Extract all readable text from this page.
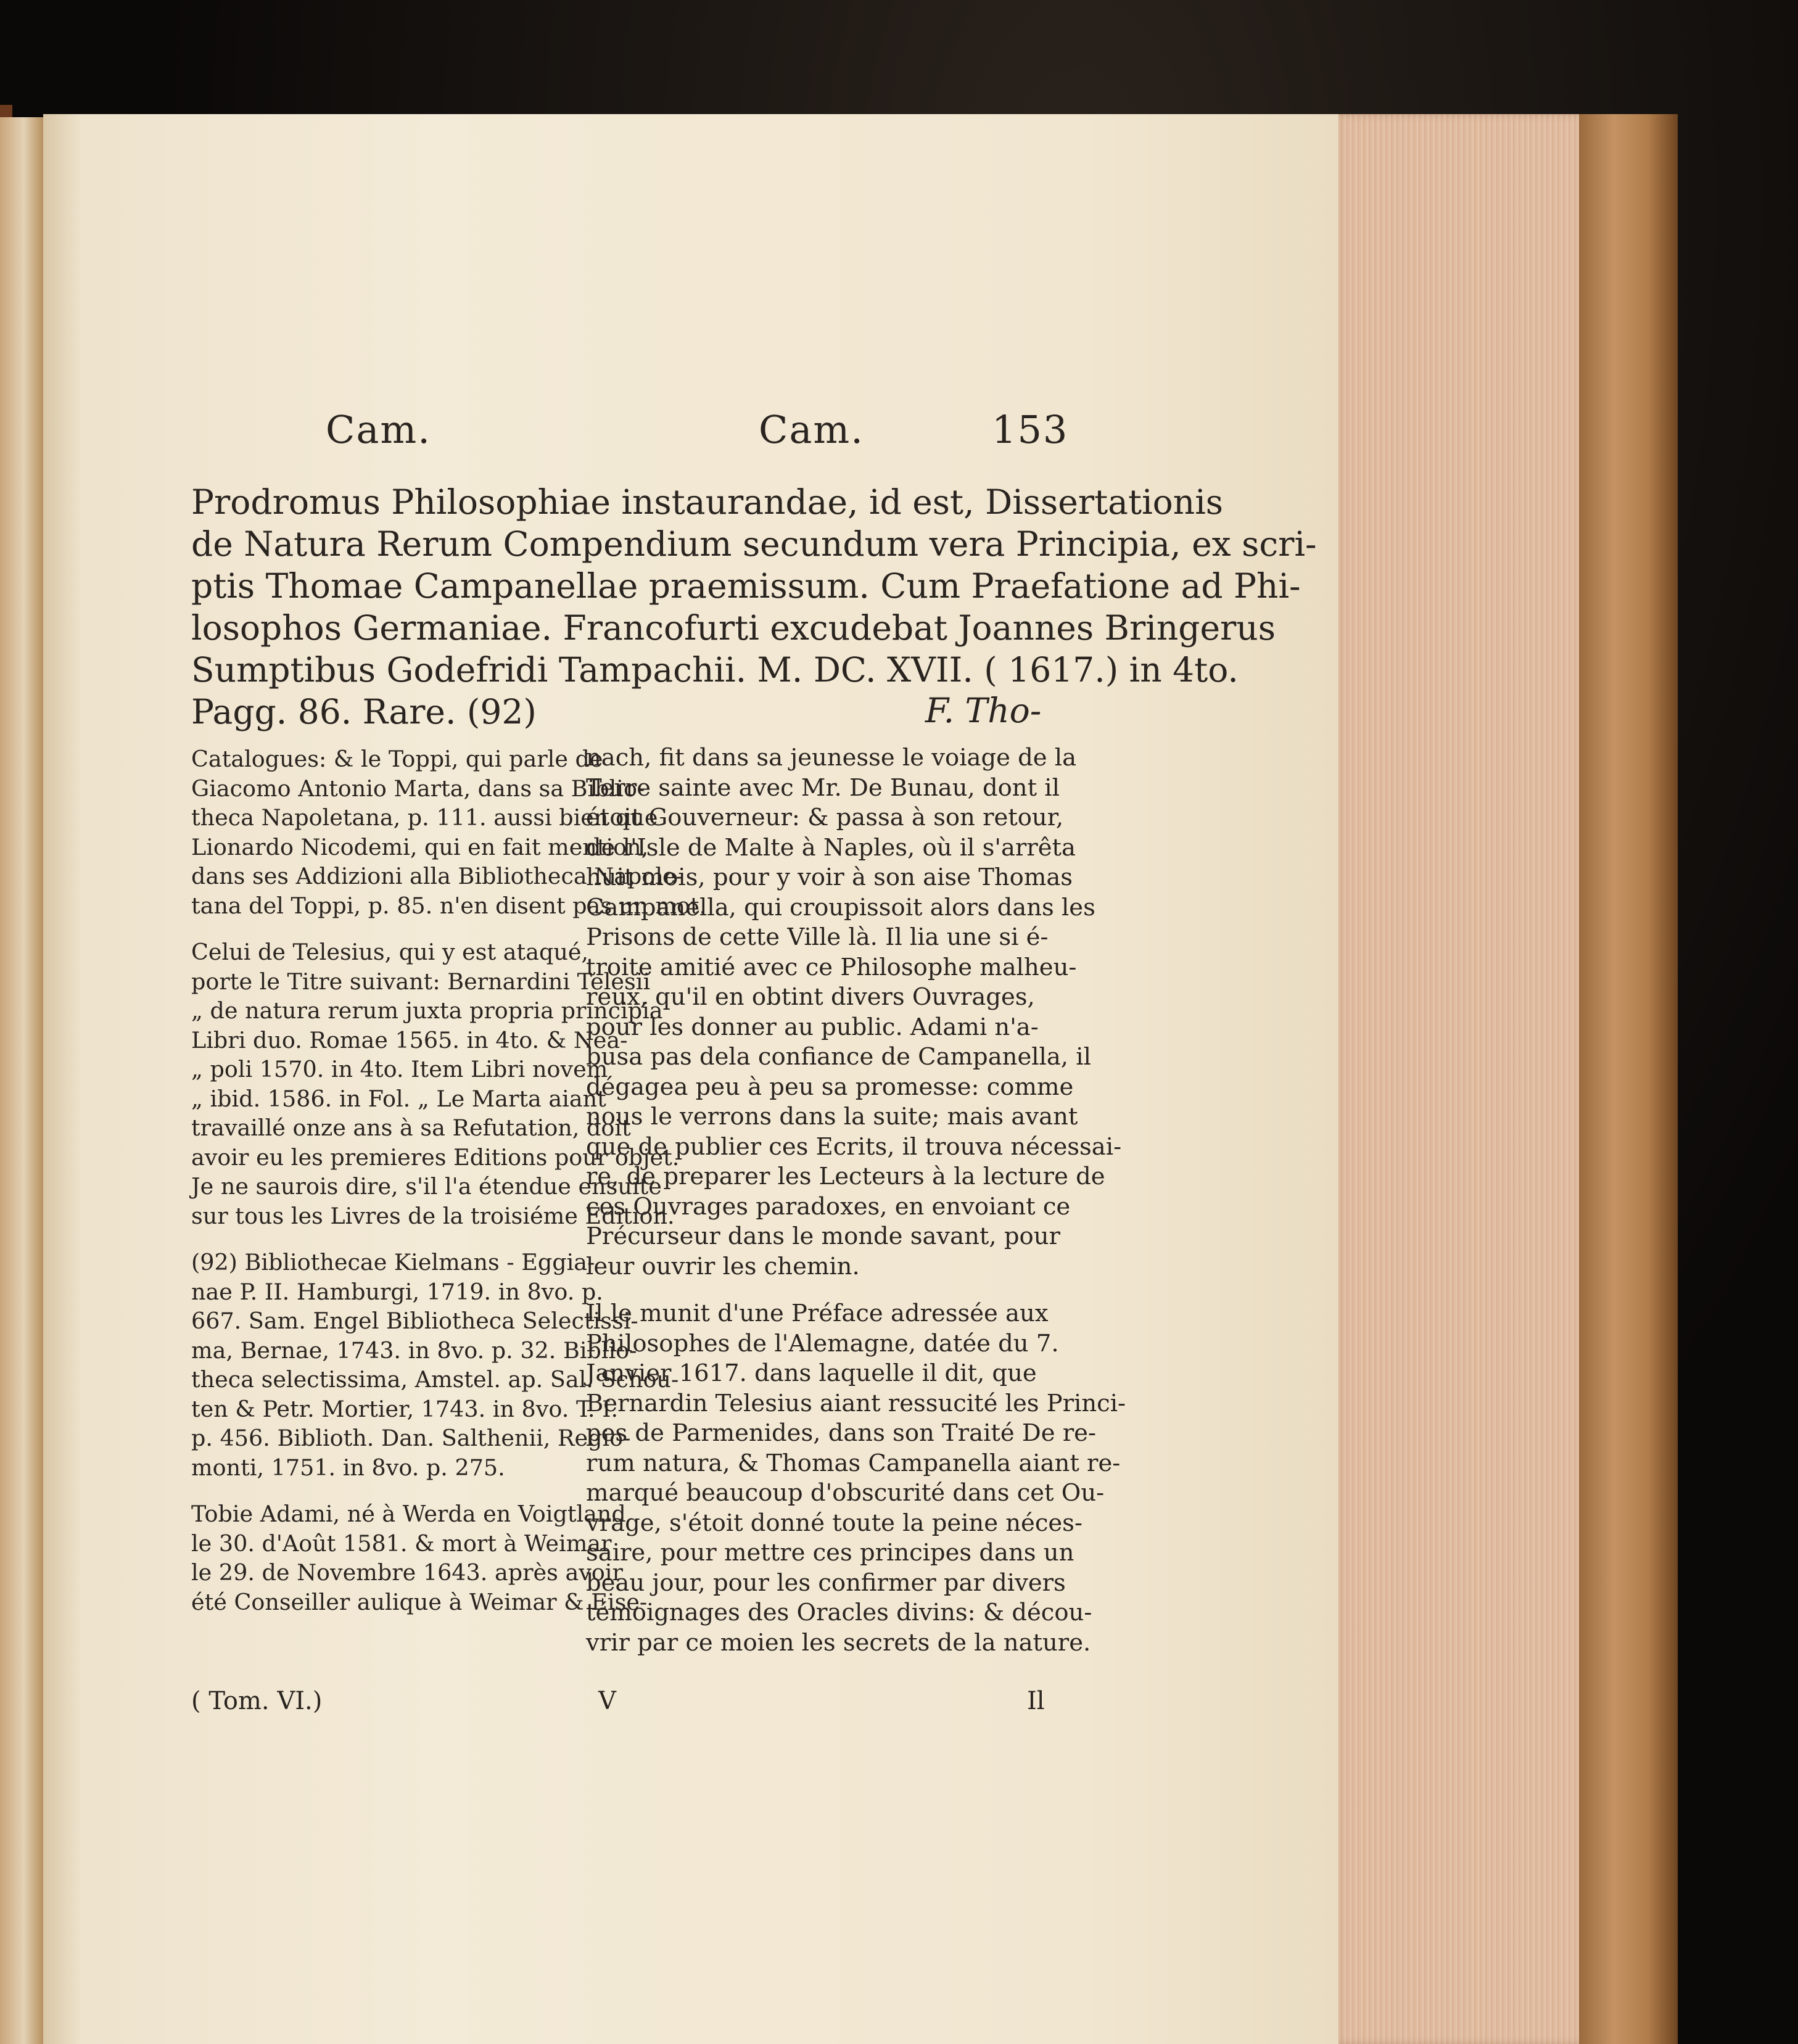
Cam.	Cam.	153
Prodromus Philosophiae instaurandae, id est, Dissertationis
de Natura Rerum Compendium secundum vera Principia, ex scri-
ptis Thomae Campanellae praemissum. Cum Praefatione ad Phi-
losophos Germaniae. Francofurti excudebat Joannes Bringerus
Sumptibus Godefridi Tampachii. M. DC. XVII. ( 1617.) in 4to.
Pagg. 86. Rare. (92)	F. Tho-
Catalogues: & le Toppi, qui parle de
Giacomo Antonio Marta, dans sa Biblio-
theca Napoletana, p. 111. aussi bien que
Lionardo Nicodemi, qui en fait mention,
dans ses Addizioni alla Bibliotheca Napole-
tana del Toppi, p. 85. n'en disent pas un mot.
Celui de Telesius, qui y est ataqué,
porte le Titre suivant: Bernardini Telesii
„ de natura rerum juxta propria principia
Libri duo. Romae 1565. in 4to. & Nea-
„ poli 1570. in 4to. Item Libri novem
„ ibid. 1586. in Fol. „ Le Marta aiant
travaillé onze ans à sa Refutation, doit
avoir eu les premieres Editions pour objet.
Je ne saurois dire, s'il l'a étendue ensuite
sur tous les Livres de la troisiéme Edition.
(92) Bibliothecae Kielmans - Eggia-
nae P. II. Hamburgi, 1719. in 8vo. p.
667. Sam. Engel Bibliotheca Selectissi-
ma, Bernae, 1743. in 8vo. p. 32. Biblio-
theca selectissima, Amstel. ap. Sal. Schou-
ten & Petr. Mortier, 1743. in 8vo. T. I.
p. 456. Biblioth. Dan. Salthenii, Regio-
monti, 1751. in 8vo. p. 275.
Tobie Adami, né à Werda en Voigtland
le 30. d'Août 1581. & mort à Weimar
le 29. de Novembre 1643. après avoir
été Conseiller aulique à Weimar & Eise-
nach, fit dans sa jeunesse le voiage de la
Terre sainte avec Mr. De Bunau, dont il
étoit Gouverneur: & passa à son retour,
de l'Isle de Malte à Naples, où il s'arrêta
huit mois, pour y voir à son aise Thomas
Campanella, qui croupissoit alors dans les
Prisons de cette Ville là. Il lia une si é-
troite amitié avec ce Philosophe malheu-
reux, qu'il en obtint divers Ouvrages,
pour les donner au public. Adami n'a-
busa pas dela confiance de Campanella, il
dégagea peu à peu sa promesse: comme
nous le verrons dans la suite; mais avant
que de publier ces Ecrits, il trouva nécessai-
re, de preparer les Lecteurs à la lecture de
ces Ouvrages paradoxes, en envoiant ce
Précurseur dans le monde savant, pour
leur ouvrir les chemin.
Il le munit d'une Préface adressée aux
Philosophes de l'Alemagne, datée du 7.
Janvier 1617. dans laquelle il dit, que
Bernardin Telesius aiant ressucité les Princi-
pes de Parmenides, dans son Traité De re-
rum natura, & Thomas Campanella aiant re-
marqué beaucoup d'obscurité dans cet Ou-
vrage, s'étoit donné toute la peine néces-
saire, pour mettre ces principes dans un
beau jour, pour les confirmer par divers
témoignages des Oracles divins: & décou-
vrir par ce moien les secrets de la nature.
( Tom. VI.)	V	Il
